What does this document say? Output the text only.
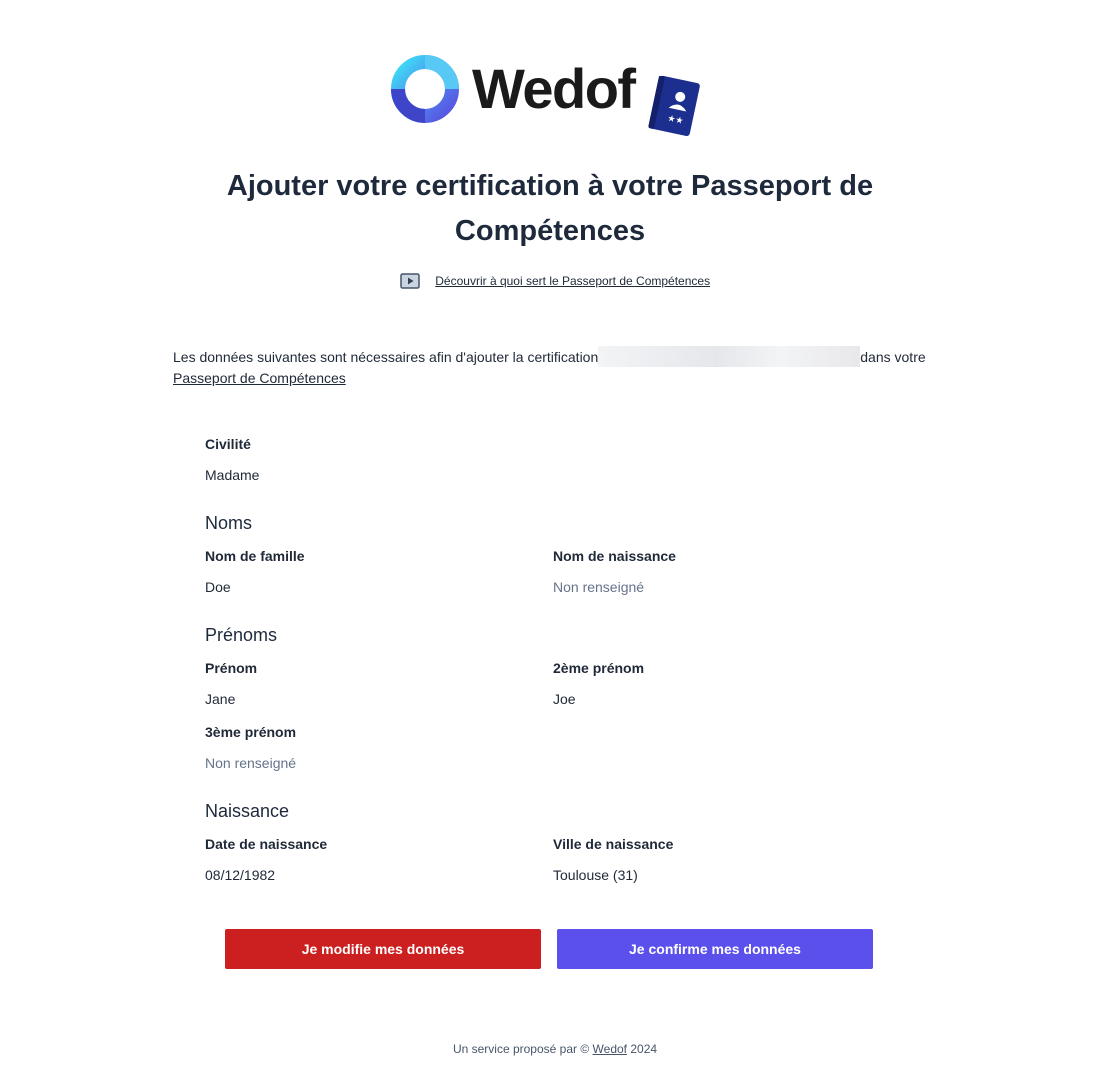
Wedof
★★
Ajouter votre certification à votre Passeport de Compétences
Découvrir à quoi sert le Passeport de Compétences
Les données suivantes sont nécessaires afin d'ajouter la certification	dans votre Passeport de Compétences
Civilité
Madame
Noms
Nom de famille
Doe
Nom de naissance
Non renseigné
Prénoms
Prénom
Jane
2ème prénom
Joe
3ème prénom
Non renseigné
Naissance
Date de naissance
08/12/1982
Ville de naissance
Toulouse (31)
Je modifie mes données	Je confirme mes données
Un service proposé par © Wedof 2024
